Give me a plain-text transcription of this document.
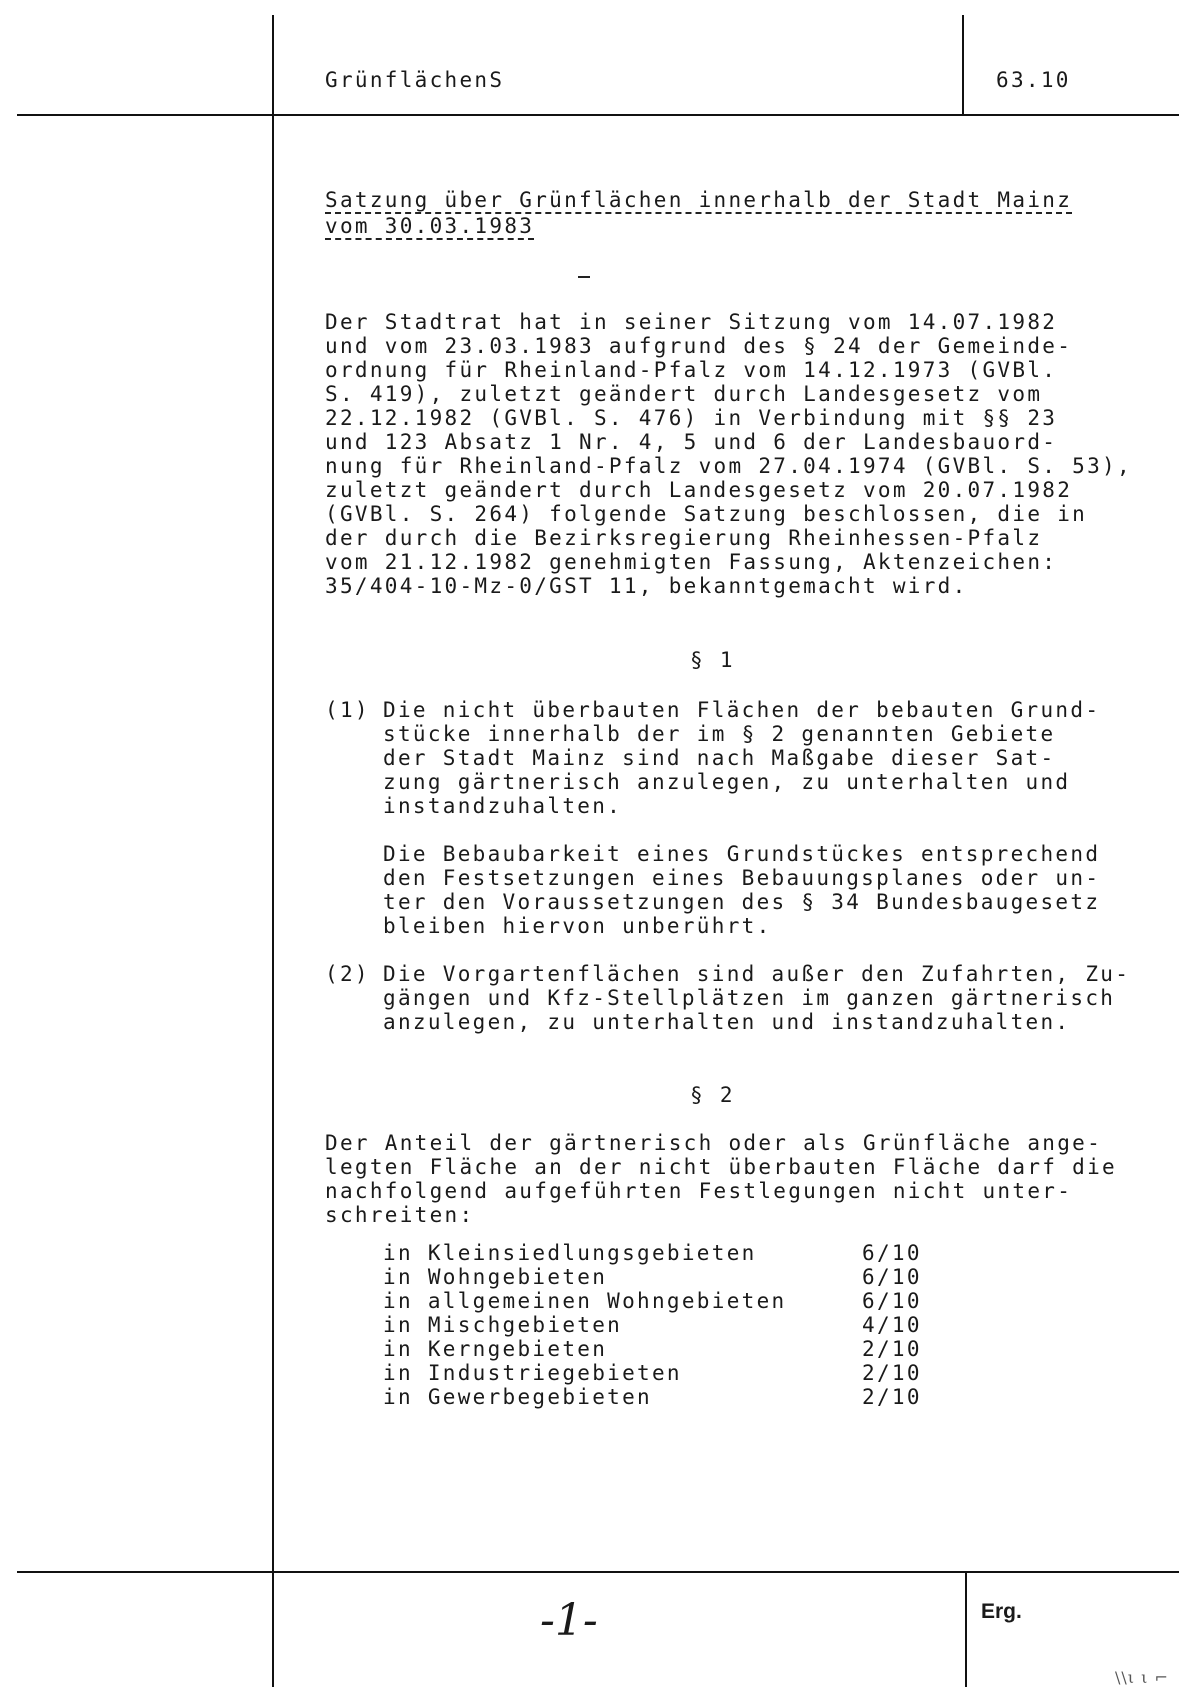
GrünflächenS	63.10
Satzung über Grünflächen innerhalb der Stadt Mainz
vom 30.03.1983
Der Stadtrat hat in seiner Sitzung vom 14.07.1982
und vom 23.03.1983 aufgrund des § 24 der Gemeinde-
ordnung für Rheinland-Pfalz vom 14.12.1973 (GVBl.
S. 419), zuletzt geändert durch Landesgesetz vom
22.12.1982 (GVBl. S. 476) in Verbindung mit §§ 23
und 123 Absatz 1 Nr. 4, 5 und 6 der Landesbauord-
nung für Rheinland-Pfalz vom 27.04.1974 (GVBl. S. 53),
zuletzt geändert durch Landesgesetz vom 20.07.1982
(GVBl. S. 264) folgende Satzung beschlossen, die in
der durch die Bezirksregierung Rheinhessen-Pfalz
vom 21.12.1982 genehmigten Fassung, Aktenzeichen:
35/404-10-Mz-0/GST 11, bekanntgemacht wird.
§ 1
(1) Die nicht überbauten Flächen der bebauten Grund-
stücke innerhalb der im § 2 genannten Gebiete
der Stadt Mainz sind nach Maßgabe dieser Sat-
zung gärtnerisch anzulegen, zu unterhalten und
instandzuhalten.
Die Bebaubarkeit eines Grundstückes entsprechend
den Festsetzungen eines Bebauungsplanes oder un-
ter den Voraussetzungen des § 34 Bundesbaugesetz
bleiben hiervon unberührt.
(2) Die Vorgartenflächen sind außer den Zufahrten, Zu-
gängen und Kfz-Stellplätzen im ganzen gärtnerisch
anzulegen, zu unterhalten und instandzuhalten.
§ 2
Der Anteil der gärtnerisch oder als Grünfläche ange-
legten Fläche an der nicht überbauten Fläche darf die
nachfolgend aufgeführten Festlegungen nicht unter-
schreiten:
in Kleinsiedlungsgebieten	6/10
in Wohngebieten	6/10
in allgemeinen Wohngebieten	6/10
in Mischgebieten	4/10
in Kerngebieten	2/10
in Industriegebieten	2/10
in Gewerbegebieten	2/10
-1-	Erg.
\\ι ι ⌐
